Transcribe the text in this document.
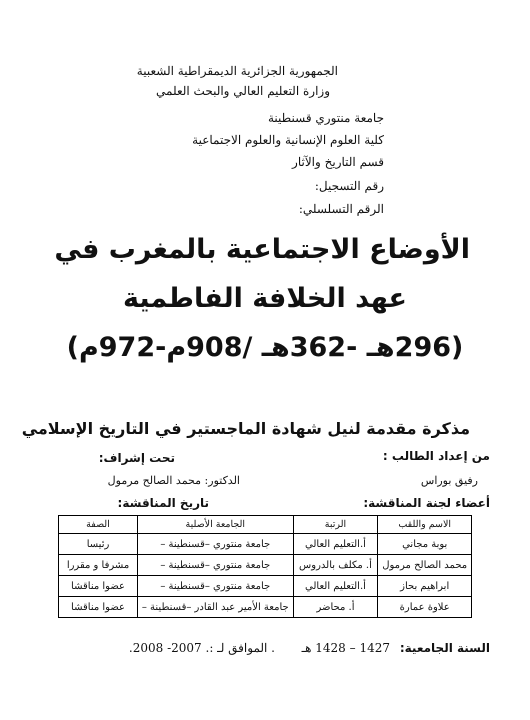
الجمهورية الجزائرية الديمقراطية الشعبية
وزارة التعليم العالي والبحث العلمي
جامعة منتوري قسنطينة
كلية العلوم الإنسانية والعلوم الاجتماعية
قسم التاريخ والآثار
رقم التسجيل:
الرقم التسلسلي:
الأوضاع الاجتماعية بالمغرب في
عهد الخلافة الفاطمية
(296هـ -362هـ /908م-972م)
مذكرة مقدمة لنيل شهادة الماجستير في التاريخ الإسلامي
من إعداد الطالب :
تحت إشراف:
رفيق بوراس
الدكتور: محمد الصالح مرمول
أعضاء لجنة المناقشة:
تاريخ المناقشة:
الاسم واللقب	الرتبة	الجامعة الأصلية	الصفة
بوبة مجاني	أ.التعليم العالي	جامعة منتوري –قسنطينة –	رئيسا
محمد الصالح مرمول	أ. مكلف بالدروس	جامعة منتوري –قسنطينة –	مشرفا و مقررا
ابراهيم بحاز	أ.التعليم العالي	جامعة منتوري –قسنطينة –	عضوا مناقشا
علاوة عمارة	أ. محاضر	جامعة الأمير عبد القادر –قسنطينة –	عضوا مناقشا
السنة الجامعية:
1427 – 1428 هـ
. الموافق لـ :. 2007- 2008.
